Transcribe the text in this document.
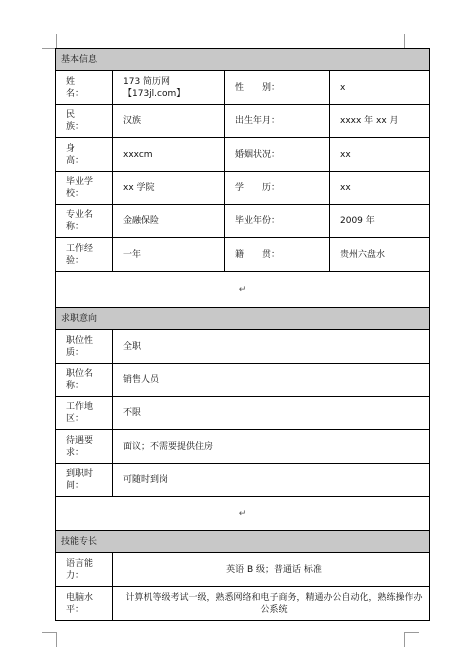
基本信息			
姓　　名：	173 简历网【173jl.com】	性　　别：	x
民　　族：	汉族	出生年月：	xxxx 年 xx 月
身　　高：	xxxcm	婚姻状况：	xx
毕业学校：	xx 学院	学　　历：	xx
专业名称：	金融保险	毕业年份：	2009 年
工作经验：	一年	籍　　贯：	贵州六盘水
↵			
求职意向			
职位性质：	全职		
职位名称：	销售人员		
工作地区：	不限		
待遇要求：	面议；不需要提供住房		
到职时间：	可随时到岗		
↵			
技能专长			
语言能力：	英语 B 级；普通话 标准		
电脑水平：	计算机等级考试一级，熟悉网络和电子商务，精通办公自动化，熟练操作办公系统		
